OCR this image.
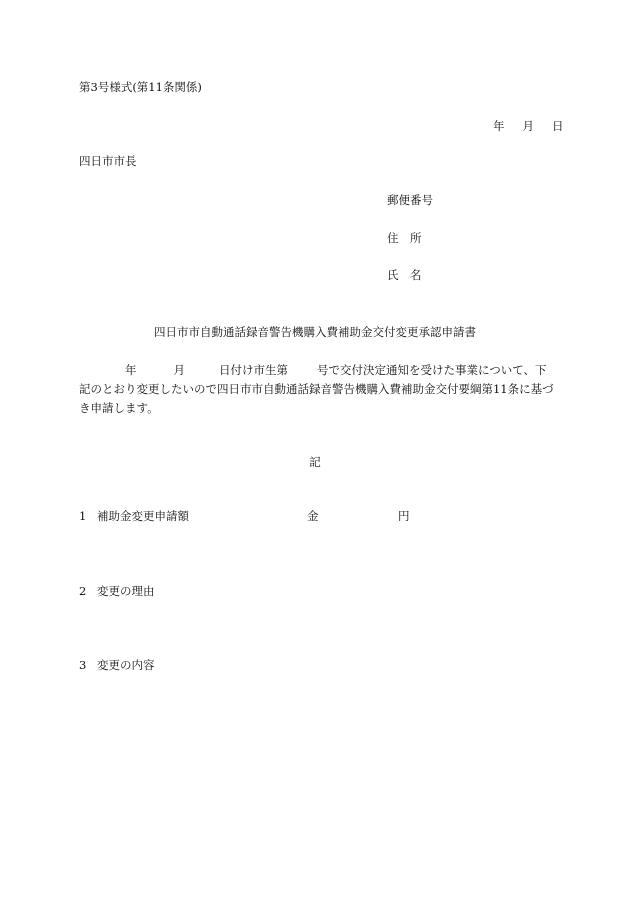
第3号様式(第11条関係)
年 月 日
四日市市長
郵便番号
住　所
氏　名
四日市市自動通話録音警告機購入費補助金交付変更承認申請書
年	月	日付け市生第	号で交付決定通知を受けた事業について、下記のとおり変更したいので四日市市自動通話録音警告機購入費補助金交付要綱第11条に基づき申請します。
記
1 補助金変更申請額	金	円
2 変更の理由
3 変更の内容
